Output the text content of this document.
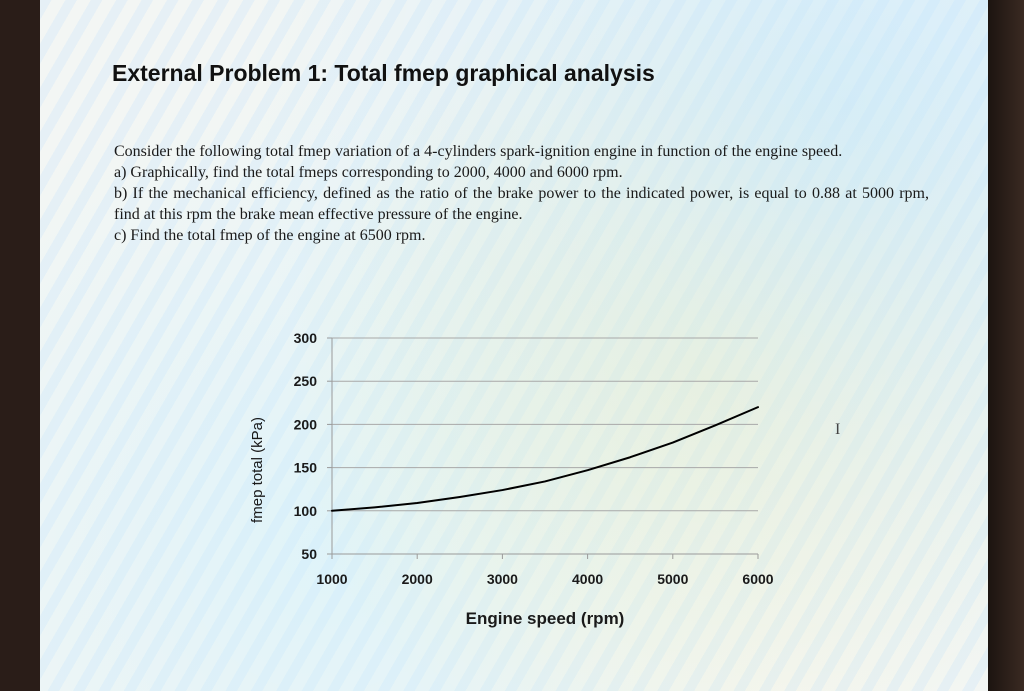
External Problem 1: Total fmep graphical analysis

Consider the following total fmep variation of a 4-cylinders spark-ignition engine in function of the engine speed.

a) Graphically, find the total fmeps corresponding to 2000, 4000 and 6000 rpm.

b) If the mechanical efficiency, defined as the ratio of the brake power to the indicated power, is equal to 0.88 at 5000 rpm, find at this rpm the brake mean effective pressure of the engine.

c) Find the total fmep of the engine at 6500 rpm.

50
100
150
200
250
300
1000	2000	3000	4000	5000	6000
Engine speed (rpm)
fmep total (kPa)	I
